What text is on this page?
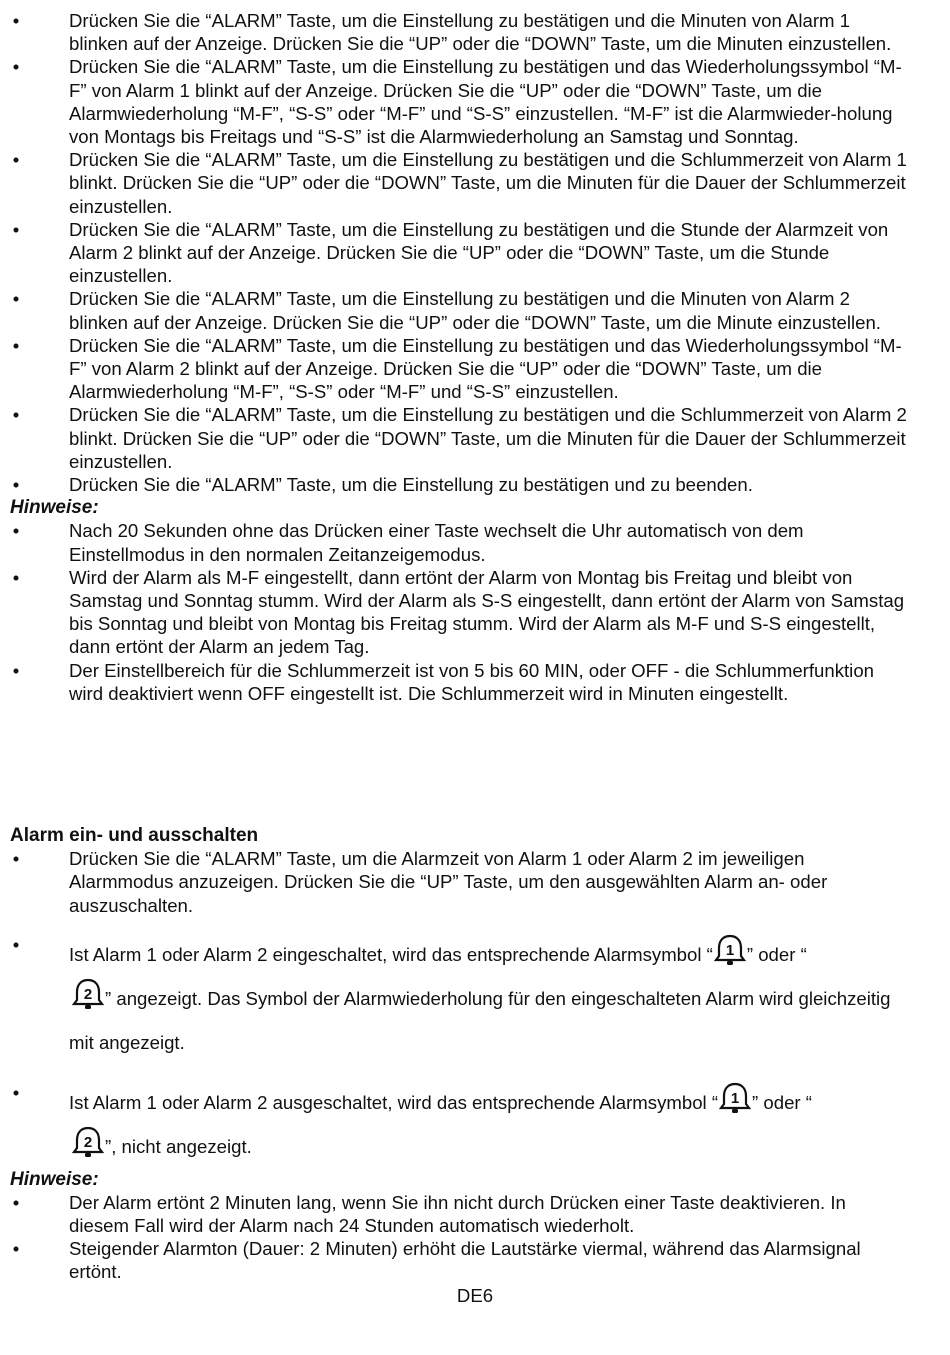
•	Drücken Sie die “ALARM” Taste, um die Einstellung zu bestätigen und die Minuten von Alarm 1 blinken auf der Anzeige. Drücken Sie die “UP” oder die “DOWN” Taste, um die Minuten einzustellen.
•	Drücken Sie die “ALARM” Taste, um die Einstellung zu bestätigen und das Wiederholungssymbol “M-F” von Alarm 1 blinkt auf der Anzeige. Drücken Sie die “UP” oder die “DOWN” Taste, um die Alarmwiederholung “M-F”, “S-S” oder “M-F” und “S-S” einzustellen. “M-F” ist die Alarmwieder-holung von Montags bis Freitags und “S-S” ist die Alarmwiederholung an Samstag und Sonntag.
•	Drücken Sie die “ALARM” Taste, um die Einstellung zu bestätigen und die Schlummerzeit von Alarm 1 blinkt. Drücken Sie die “UP” oder die “DOWN” Taste, um die Minuten für die Dauer der Schlummerzeit einzustellen.
•	Drücken Sie die “ALARM” Taste, um die Einstellung zu bestätigen und die Stunde der Alarmzeit von Alarm 2 blinkt auf der Anzeige. Drücken Sie die “UP” oder die “DOWN” Taste, um die Stunde einzustellen.
•	Drücken Sie die “ALARM” Taste, um die Einstellung zu bestätigen und die Minuten von Alarm 2 blinken auf der Anzeige. Drücken Sie die “UP” oder die “DOWN” Taste, um die Minute einzustellen.
•	Drücken Sie die “ALARM” Taste, um die Einstellung zu bestätigen und das Wiederholungssymbol “M-F” von Alarm 2 blinkt auf der Anzeige. Drücken Sie die “UP” oder die “DOWN” Taste, um die Alarmwiederholung “M-F”, “S-S” oder “M-F” und “S-S” einzustellen.
•	Drücken Sie die “ALARM” Taste, um die Einstellung zu bestätigen und die Schlummerzeit von Alarm 2 blinkt. Drücken Sie die “UP” oder die “DOWN” Taste, um die Minuten für die Dauer der Schlummerzeit einzustellen.
•	Drücken Sie die “ALARM” Taste, um die Einstellung zu bestätigen und zu beenden.

Hinweise:

•	Nach 20 Sekunden ohne das Drücken einer Taste wechselt die Uhr automatisch von dem Einstellmodus in den normalen Zeitanzeigemodus.
•	Wird der Alarm als M-F eingestellt, dann ertönt der Alarm von Montag bis Freitag und bleibt von Samstag und Sonntag stumm. Wird der Alarm als S-S eingestellt, dann ertönt der Alarm von Samstag bis Sonntag und bleibt von Montag bis Freitag stumm. Wird der Alarm als M-F und S-S eingestellt, dann ertönt der Alarm an jedem Tag.
•	Der Einstellbereich für die Schlummerzeit ist von 5 bis 60 MIN, oder OFF - die Schlummerfunktion wird deaktiviert wenn OFF eingestellt ist. Die Schlummerzeit wird in Minuten eingestellt.

Alarm ein- und ausschalten

•	Drücken Sie die “ALARM” Taste, um die Alarmzeit von Alarm 1 oder Alarm 2 im jeweiligen Alarmmodus anzuzeigen. Drücken Sie die “UP” Taste, um den ausgewählten Alarm an- oder auszuschalten.
•	Ist Alarm 1 oder Alarm 2 eingeschaltet, wird das entsprechende Alarmsymbol “ 1 ” oder “

2 ” angezeigt. Das Symbol der Alarmwiederholung für den eingeschalteten Alarm wird gleichzeitig mit angezeigt.
•	Ist Alarm 1 oder Alarm 2 ausgeschaltet, wird das entsprechende Alarmsymbol “ 1 ” oder “

2 ”, nicht angezeigt.

Hinweise:

•	Der Alarm ertönt 2 Minuten lang, wenn Sie ihn nicht durch Drücken einer Taste deaktivieren. In diesem Fall wird der Alarm nach 24 Stunden automatisch wiederholt.
•	Steigender Alarmton (Dauer: 2 Minuten) erhöht die Lautstärke viermal, während das Alarmsignal ertönt.
DE6
